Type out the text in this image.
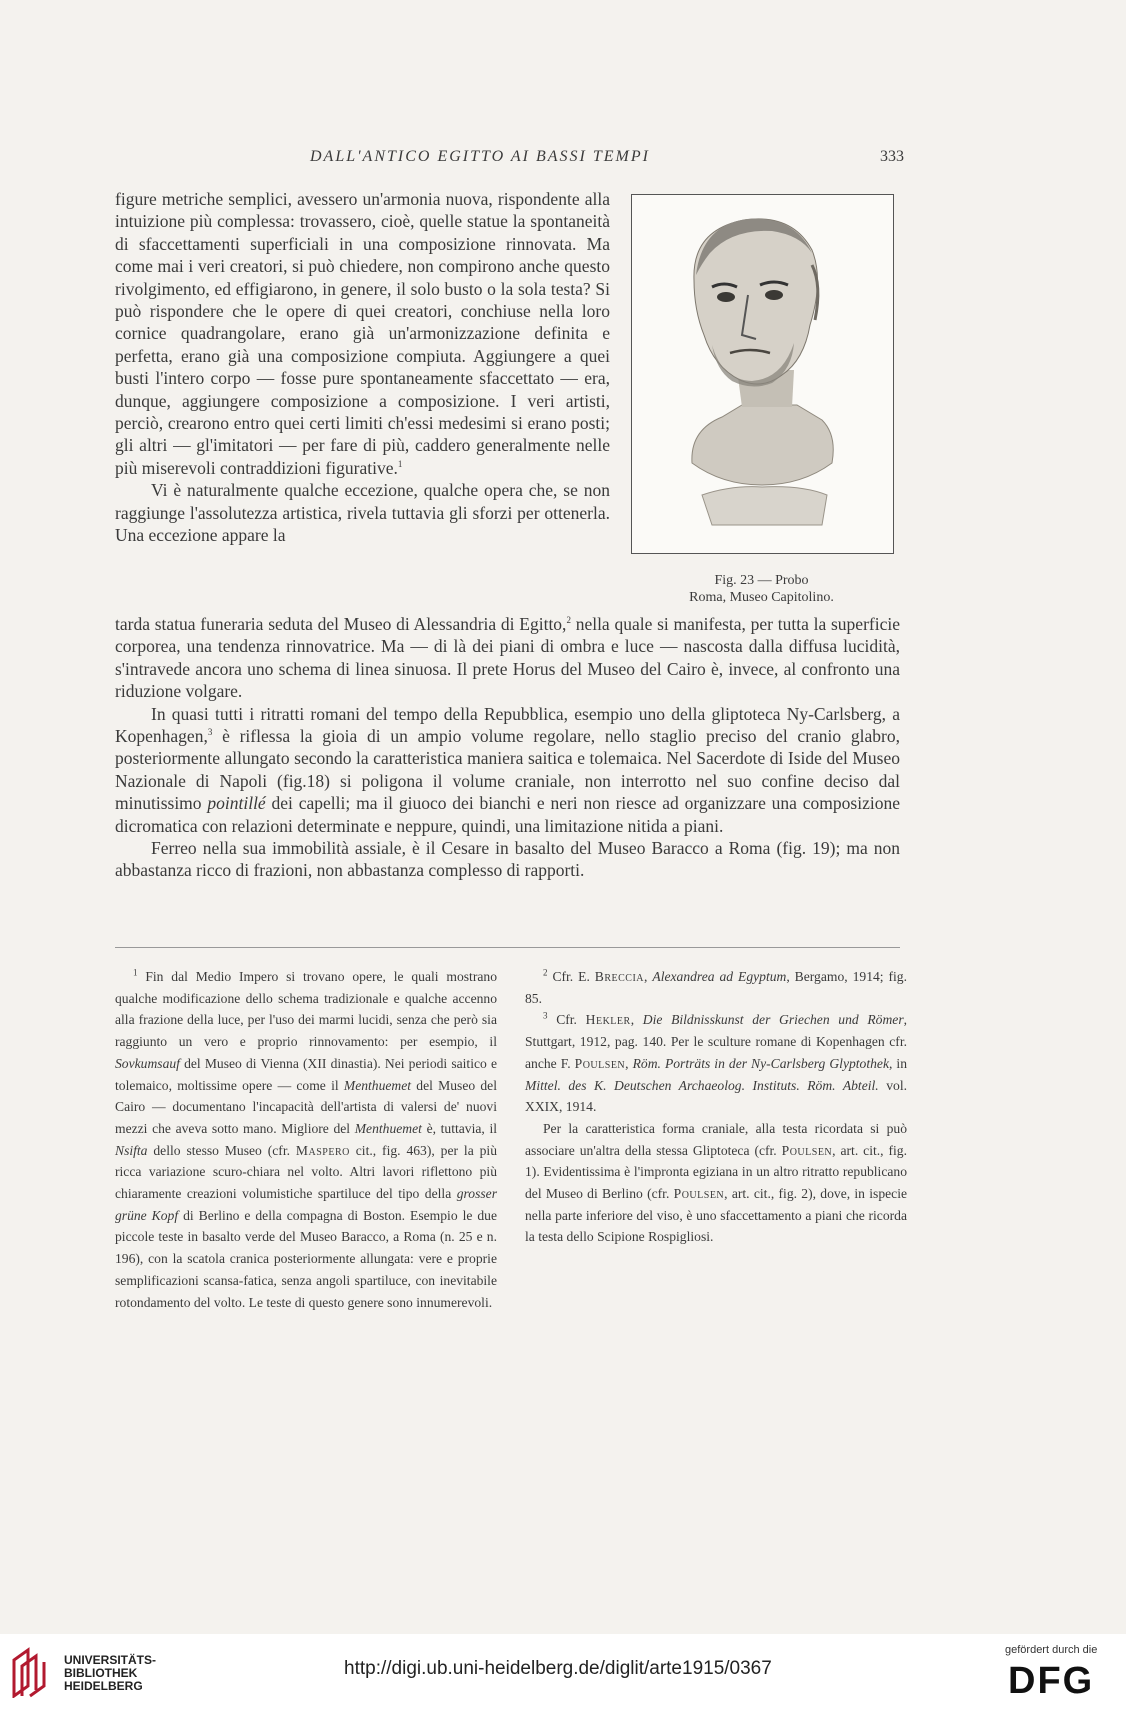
DALL'ANTICO EGITTO AI BASSI TEMPI	333

figure metriche semplici, avessero un'armonia nuova, rispondente alla intuizione più complessa: trovassero, cioè, quelle statue la spontaneità di sfaccettamenti superficiali in una composizione rinnovata. Ma come mai i veri creatori, si può chiedere, non compirono anche questo rivolgimento, ed effigiarono, in genere, il solo busto o la sola testa? Si può rispondere che le opere di quei creatori, conchiuse nella loro cornice quadrangolare, erano già un'armonizzazione definita e perfetta, erano già una composizione compiuta. Aggiungere a quei busti l'intero corpo — fosse pure spontaneamente sfaccettato — era, dunque, aggiungere composizione a composizione. I veri artisti, perciò, crearono entro quei certi limiti ch'essi medesimi si erano posti; gli altri — gl'imitatori — per fare di più, caddero generalmente nelle più miserevoli contraddizioni figurative.$^1$

Vi è naturalmente qualche eccezione, qualche opera che, se non raggiunge l'assolutezza artistica, rivela tuttavia gli sforzi per ottenerla. Una eccezione appare la

Fig. 23 — Probo
Roma, Museo Capitolino.

tarda statua funeraria seduta del Museo di Alessandria di Egitto,$^2$ nella quale si manifesta, per tutta la superficie corporea, una tendenza rinnovatrice. Ma — di là dei piani di ombra e luce — nascosta dalla diffusa lucidità, s'intravede ancora uno schema di linea sinuosa. Il prete Horus del Museo del Cairo è, invece, al confronto una riduzione volgare.

In quasi tutti i ritratti romani del tempo della Repubblica, esempio uno della gliptoteca Ny-Carlsberg, a Kopenhagen,$^3$ è riflessa la gioia di un ampio volume regolare, nello staglio preciso del cranio glabro, posteriormente allungato secondo la caratteristica maniera saitica e tolemaica. Nel Sacerdote di Iside del Museo Nazionale di Napoli (fig.18) si poligona il volume craniale, non interrotto nel suo confine deciso dal minutissimo pointillé dei capelli; ma il giuoco dei bianchi e neri non riesce ad organizzare una composizione dicromatica con relazioni determinate e neppure, quindi, una limitazione nitida a piani.

Ferreo nella sua immobilità assiale, è il Cesare in basalto del Museo Baracco a Roma (fig. 19); ma non abbastanza ricco di frazioni, non abbastanza complesso di rapporti.

$^1$ Fin dal Medio Impero si trovano opere, le quali mostrano qualche modificazione dello schema tradizionale e qualche accenno alla frazione della luce, per l'uso dei marmi lucidi, senza che però sia raggiunto un vero e proprio rinnovamento: per esempio, il Sovkumsauf del Museo di Vienna (XII dinastia). Nei periodi saitico e tolemaico, moltissime opere — come il Menthuemet del Museo del Cairo — documentano l'incapacità dell'artista di valersi de' nuovi mezzi che aveva sotto mano. Migliore del Menthuemet è, tuttavia, il Nsifta dello stesso Museo (cfr. Maspero cit., fig. 463), per la più ricca variazione scuro-chiara nel volto. Altri lavori riflettono più chiaramente creazioni volumistiche spartiluce del tipo della grosser grüne Kopf di Berlino e della compagna di Boston. Esempio le due piccole teste in basalto verde del Museo Baracco, a Roma (n. 25 e n. 196), con la scatola cranica posteriormente allungata: vere e proprie semplificazioni scansa-fatica, senza angoli spartiluce, con inevitabile rotondamento del volto. Le teste di questo genere sono innumerevoli.

$^2$ Cfr. E. Breccia, Alexandrea ad Egyptum, Bergamo, 1914; fig. 85.

$^3$ Cfr. Hekler, Die Bildnisskunst der Griechen und Römer, Stuttgart, 1912, pag. 140. Per le sculture romane di Kopenhagen cfr. anche F. Poulsen, Röm. Porträts in der Ny-Carlsberg Glyptothek, in Mittel. des K. Deutschen Archaeolog. Instituts. Röm. Abteil. vol. XXIX, 1914.

Per la caratteristica forma craniale, alla testa ricordata si può associare un'altra della stessa Gliptoteca (cfr. Poulsen, art. cit., fig. 1). Evidentissima è l'impronta egiziana in un altro ritratto republicano del Museo di Berlino (cfr. Poulsen, art. cit., fig. 2), dove, in ispecie nella parte inferiore del viso, è uno sfaccettamento a piani che ricorda la testa dello Scipione Rospigliosi.

UNIVERSITÄTS-
BIBLIOTHEK
HEIDELBERG
http://digi.ub.uni-heidelberg.de/diglit/arte1915/0367
gefördert durch die
DFG
